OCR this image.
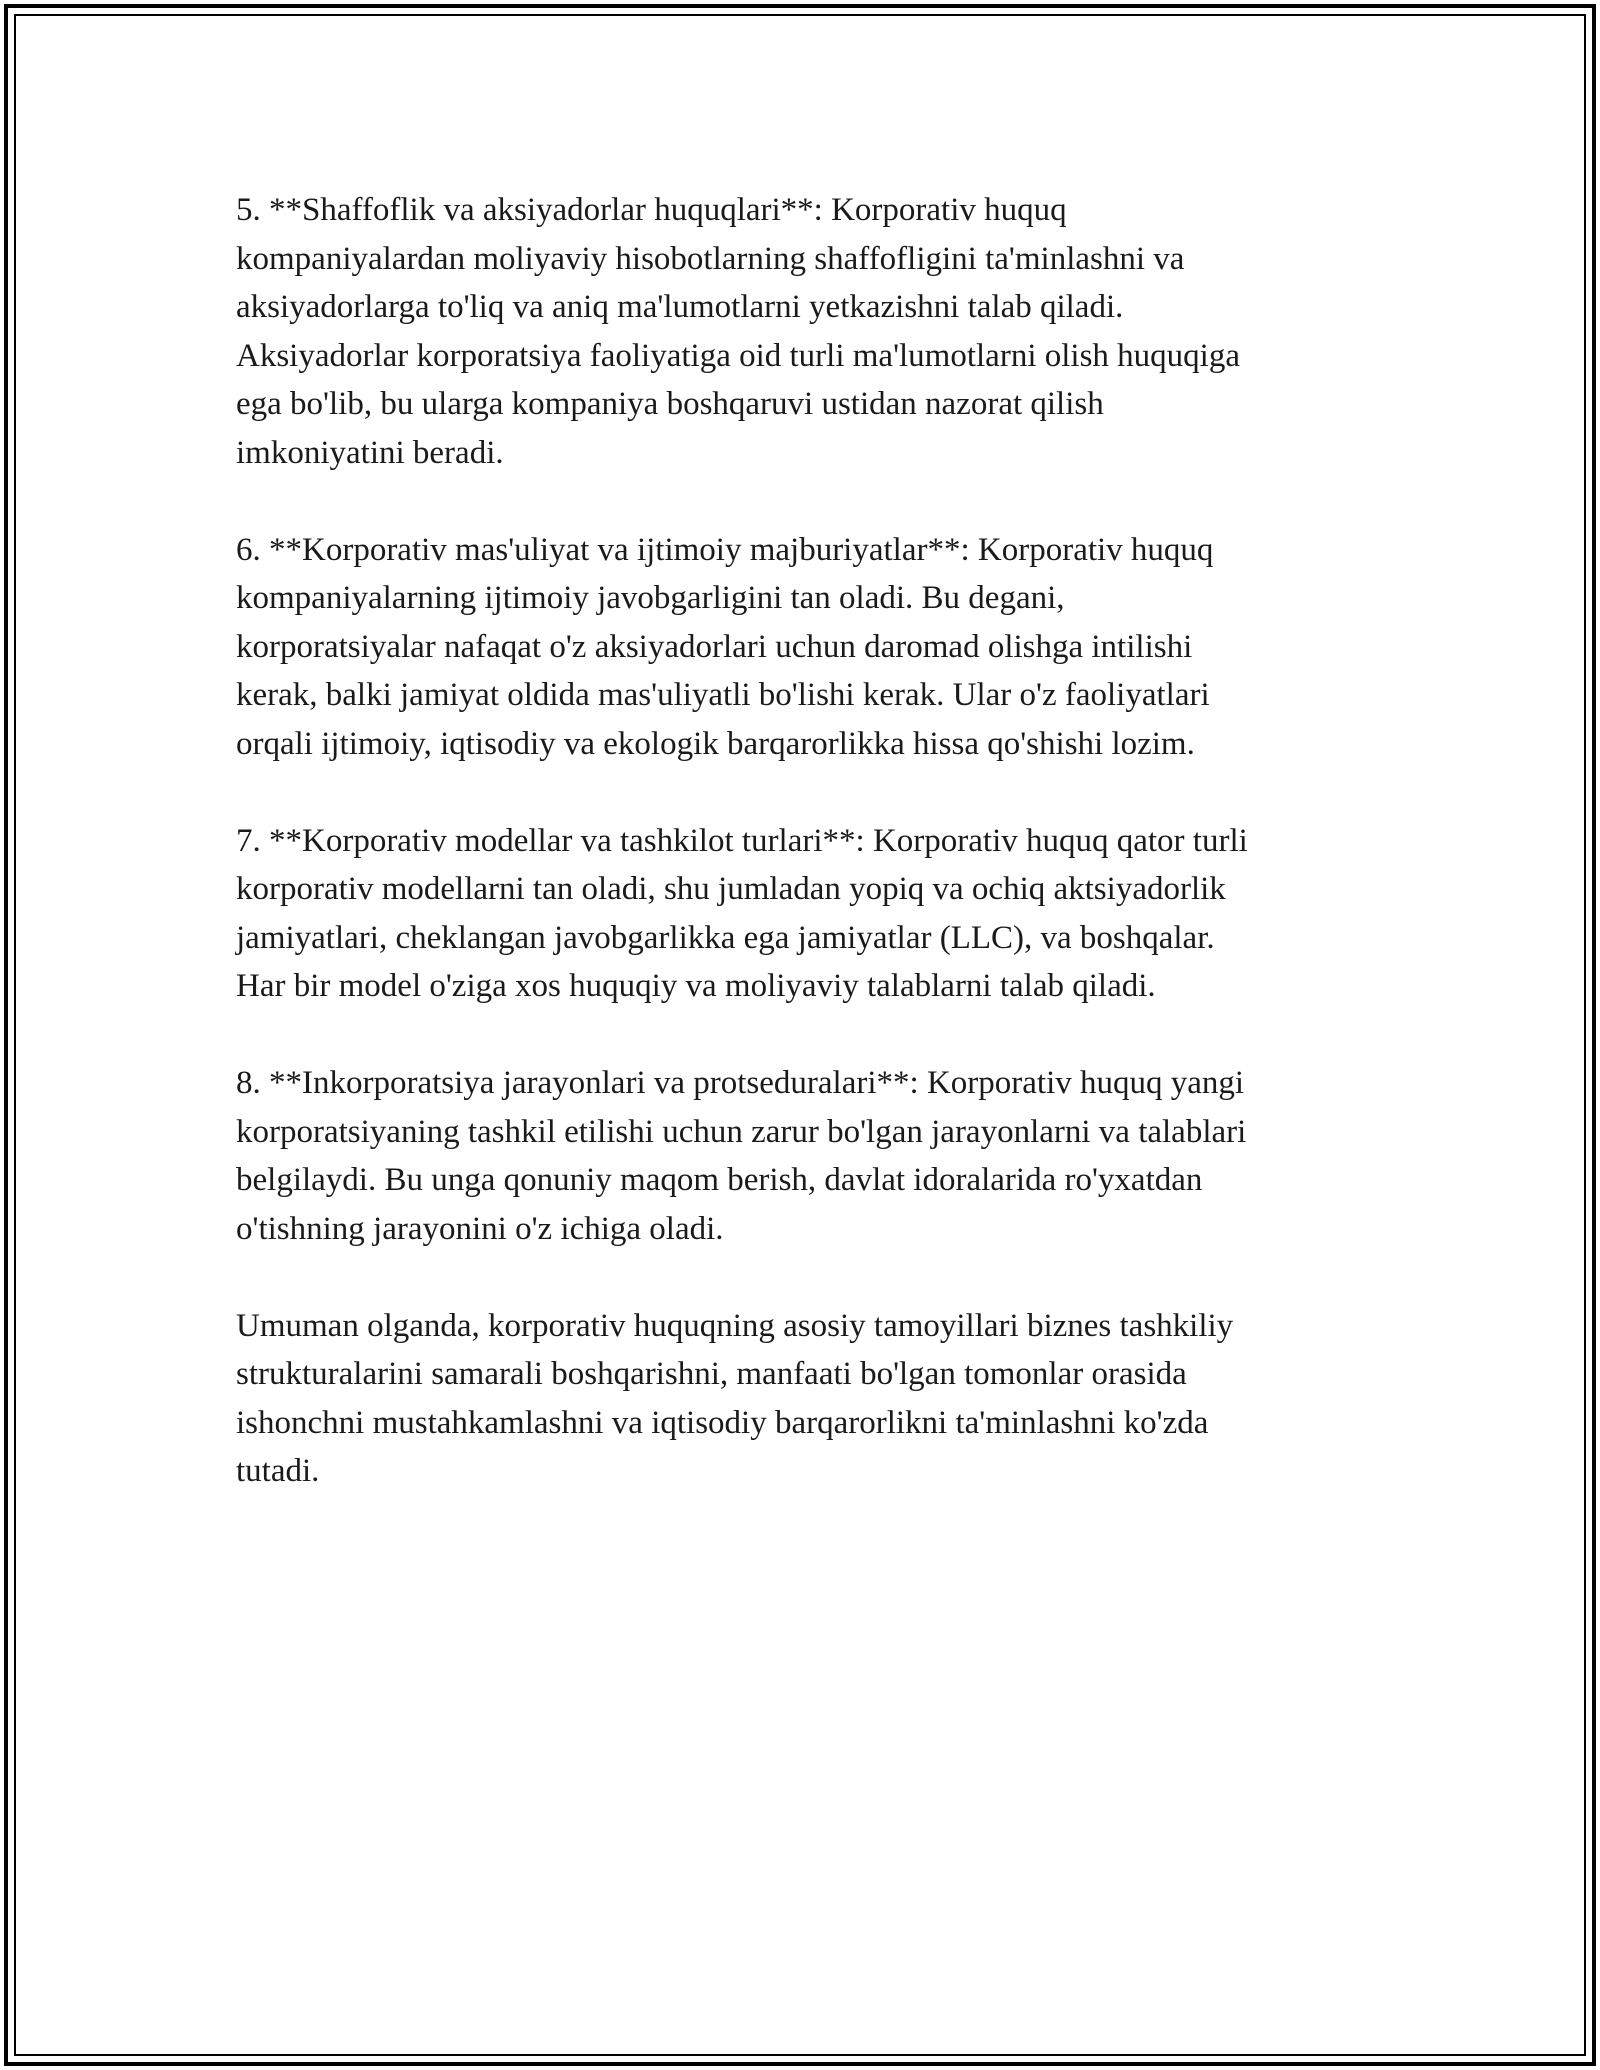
5. **Shaffoflik va aksiyadorlar huquqlari**: Korporativ huquq
kompaniyalardan moliyaviy hisobotlarning shaffofligini ta'minlashni va
aksiyadorlarga to'liq va aniq ma'lumotlarni yetkazishni talab qiladi.
Aksiyadorlar korporatsiya faoliyatiga oid turli ma'lumotlarni olish huquqiga
ega bo'lib, bu ularga kompaniya boshqaruvi ustidan nazorat qilish
imkoniyatini beradi.

6. **Korporativ mas'uliyat va ijtimoiy majburiyatlar**: Korporativ huquq
kompaniyalarning ijtimoiy javobgarligini tan oladi. Bu degani,
korporatsiyalar nafaqat o'z aksiyadorlari uchun daromad olishga intilishi
kerak, balki jamiyat oldida mas'uliyatli bo'lishi kerak. Ular o'z faoliyatlari
orqali ijtimoiy, iqtisodiy va ekologik barqarorlikka hissa qo'shishi lozim.

7. **Korporativ modellar va tashkilot turlari**: Korporativ huquq qator turli
korporativ modellarni tan oladi, shu jumladan yopiq va ochiq aktsiyadorlik
jamiyatlari, cheklangan javobgarlikka ega jamiyatlar (LLC), va boshqalar.
Har bir model o'ziga xos huquqiy va moliyaviy talablarni talab qiladi.

8. **Inkorporatsiya jarayonlari va protseduralari**: Korporativ huquq yangi
korporatsiyaning tashkil etilishi uchun zarur bo'lgan jarayonlarni va talablari
belgilaydi. Bu unga qonuniy maqom berish, davlat idoralarida ro'yxatdan
o'tishning jarayonini o'z ichiga oladi.

Umuman olganda, korporativ huquqning asosiy tamoyillari biznes tashkiliy
strukturalarini samarali boshqarishni, manfaati bo'lgan tomonlar orasida
ishonchni mustahkamlashni va iqtisodiy barqarorlikni ta'minlashni ko'zda
tutadi.
